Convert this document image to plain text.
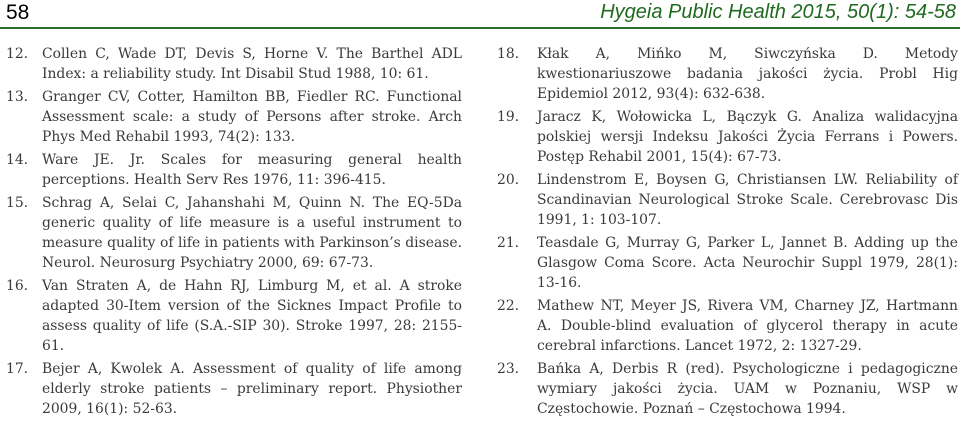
58	Hygeia Public Health 2015, 50(1): 54-58
12. Collen C, Wade DT, Devis S, Horne V. The Barthel ADL Index: a reliability study. Int Disabil Stud 1988, 10: 61.
13. Granger CV, Cotter, Hamilton BB, Fiedler RC. Functional Assessment scale: a study of Persons after stroke. Arch Phys Med Rehabil 1993, 74(2): 133.
14. Ware JE. Jr. Scales for measuring general health perceptions. Health Serv Res 1976, 11: 396-415.
15. Schrag A, Selai C, Jahanshahi M, Quinn N. The EQ-5Da generic quality of life measure is a useful instrument to measure quality of life in patients with Parkinson’s disease. Neurol. Neurosurg Psychiatry 2000, 69: 67-73.
16. Van Straten A, de Hahn RJ, Limburg M, et al. A stroke adapted 30-Item version of the Sicknes Impact Profile to assess quality of life (S.A.-SIP 30). Stroke 1997, 28: 2155-61.
17. Bejer A, Kwolek A. Assessment of quality of life among elderly stroke patients – preliminary report. Physiother 2009, 16(1): 52-63.
18. Kłak A, Mińko M, Siwczyńska D. Metody kwestionariuszowe badania jakości życia. Probl Hig Epidemiol 2012, 93(4): 632-638.
19. Jaracz K, Wołowicka L, Bączyk G. Analiza walidacyjna polskiej wersji Indeksu Jakości Życia Ferrans i Powers. Postęp Rehabil 2001, 15(4): 67-73.
20. Lindenstrom E, Boysen G, Christiansen LW. Reliability of Scandinavian Neurological Stroke Scale. Cerebrovasc Dis 1991, 1: 103-107.
21. Teasdale G, Murray G, Parker L, Jannet B. Adding up the Glasgow Coma Score. Acta Neurochir Suppl 1979, 28(1): 13-16.
22. Mathew NT, Meyer JS, Rivera VM, Charney JZ, Hartmann A. Double-blind evaluation of glycerol therapy in acute cerebral infarctions. Lancet 1972, 2: 1327-29.
23. Bańka A, Derbis R (red). Psychologiczne i pedagogiczne wymiary jakości życia. UAM w Poznaniu, WSP w Częstochowie. Poznań – Częstochowa 1994.
